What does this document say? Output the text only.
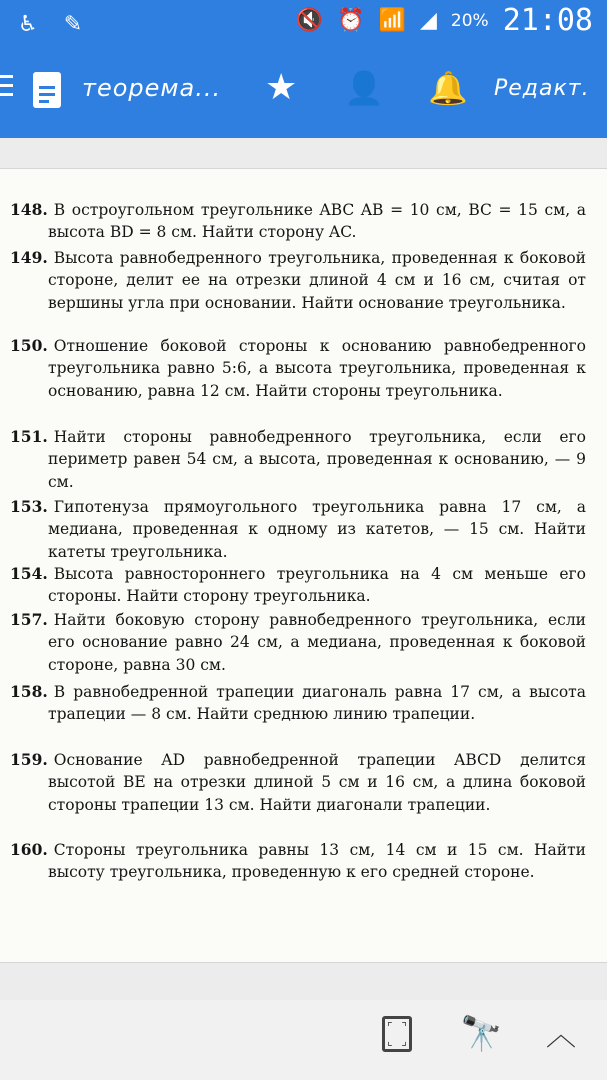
♿ ✎	🔇 ⏰ 📶 ◢ 20% 21:08
теорема... ★ 👤 🔔 Редакт.

148. В остроугольном треугольнике ABC AB = 10 см, BC = 15 см, а высота BD = 8 см. Найти сторону AC.

149. Высота равнобедренного треугольника, проведенная к боковой стороне, делит ее на отрезки длиной 4 см и 16 см, считая от вершины угла при основании. Найти основание треугольника.

150. Отношение боковой стороны к основанию равнобедренного треугольника равно 5:6, а высота треугольника, проведенная к основанию, равна 12 см. Найти стороны треугольника.

151. Найти стороны равнобедренного треугольника, если его периметр равен 54 см, а высота, проведенная к основанию, — 9 см.

153. Гипотенуза прямоугольного треугольника равна 17 см, а медиана, проведенная к одному из катетов, — 15 см. Найти катеты треугольника.

154. Высота равностороннего треугольника на 4 см меньше его стороны. Найти сторону треугольника.

157. Найти боковую сторону равнобедренного треугольника, если его основание равно 24 см, а медиана, проведенная к боковой стороне, равна 30 см.

158. В равнобедренной трапеции диагональ равна 17 см, а высота трапеции — 8 см. Найти среднюю линию трапеции.

159. Основание AD равнобедренной трапеции ABCD делится высотой BE на отрезки длиной 5 см и 16 см, а длина боковой стороны трапеции 13 см. Найти диагонали трапеции.

160. Стороны треугольника равны 13 см, 14 см и 15 см. Найти высоту треугольника, проведенную к его средней стороне.

⌜ ⌝
⌞ ⌟ 🔭 ︿
